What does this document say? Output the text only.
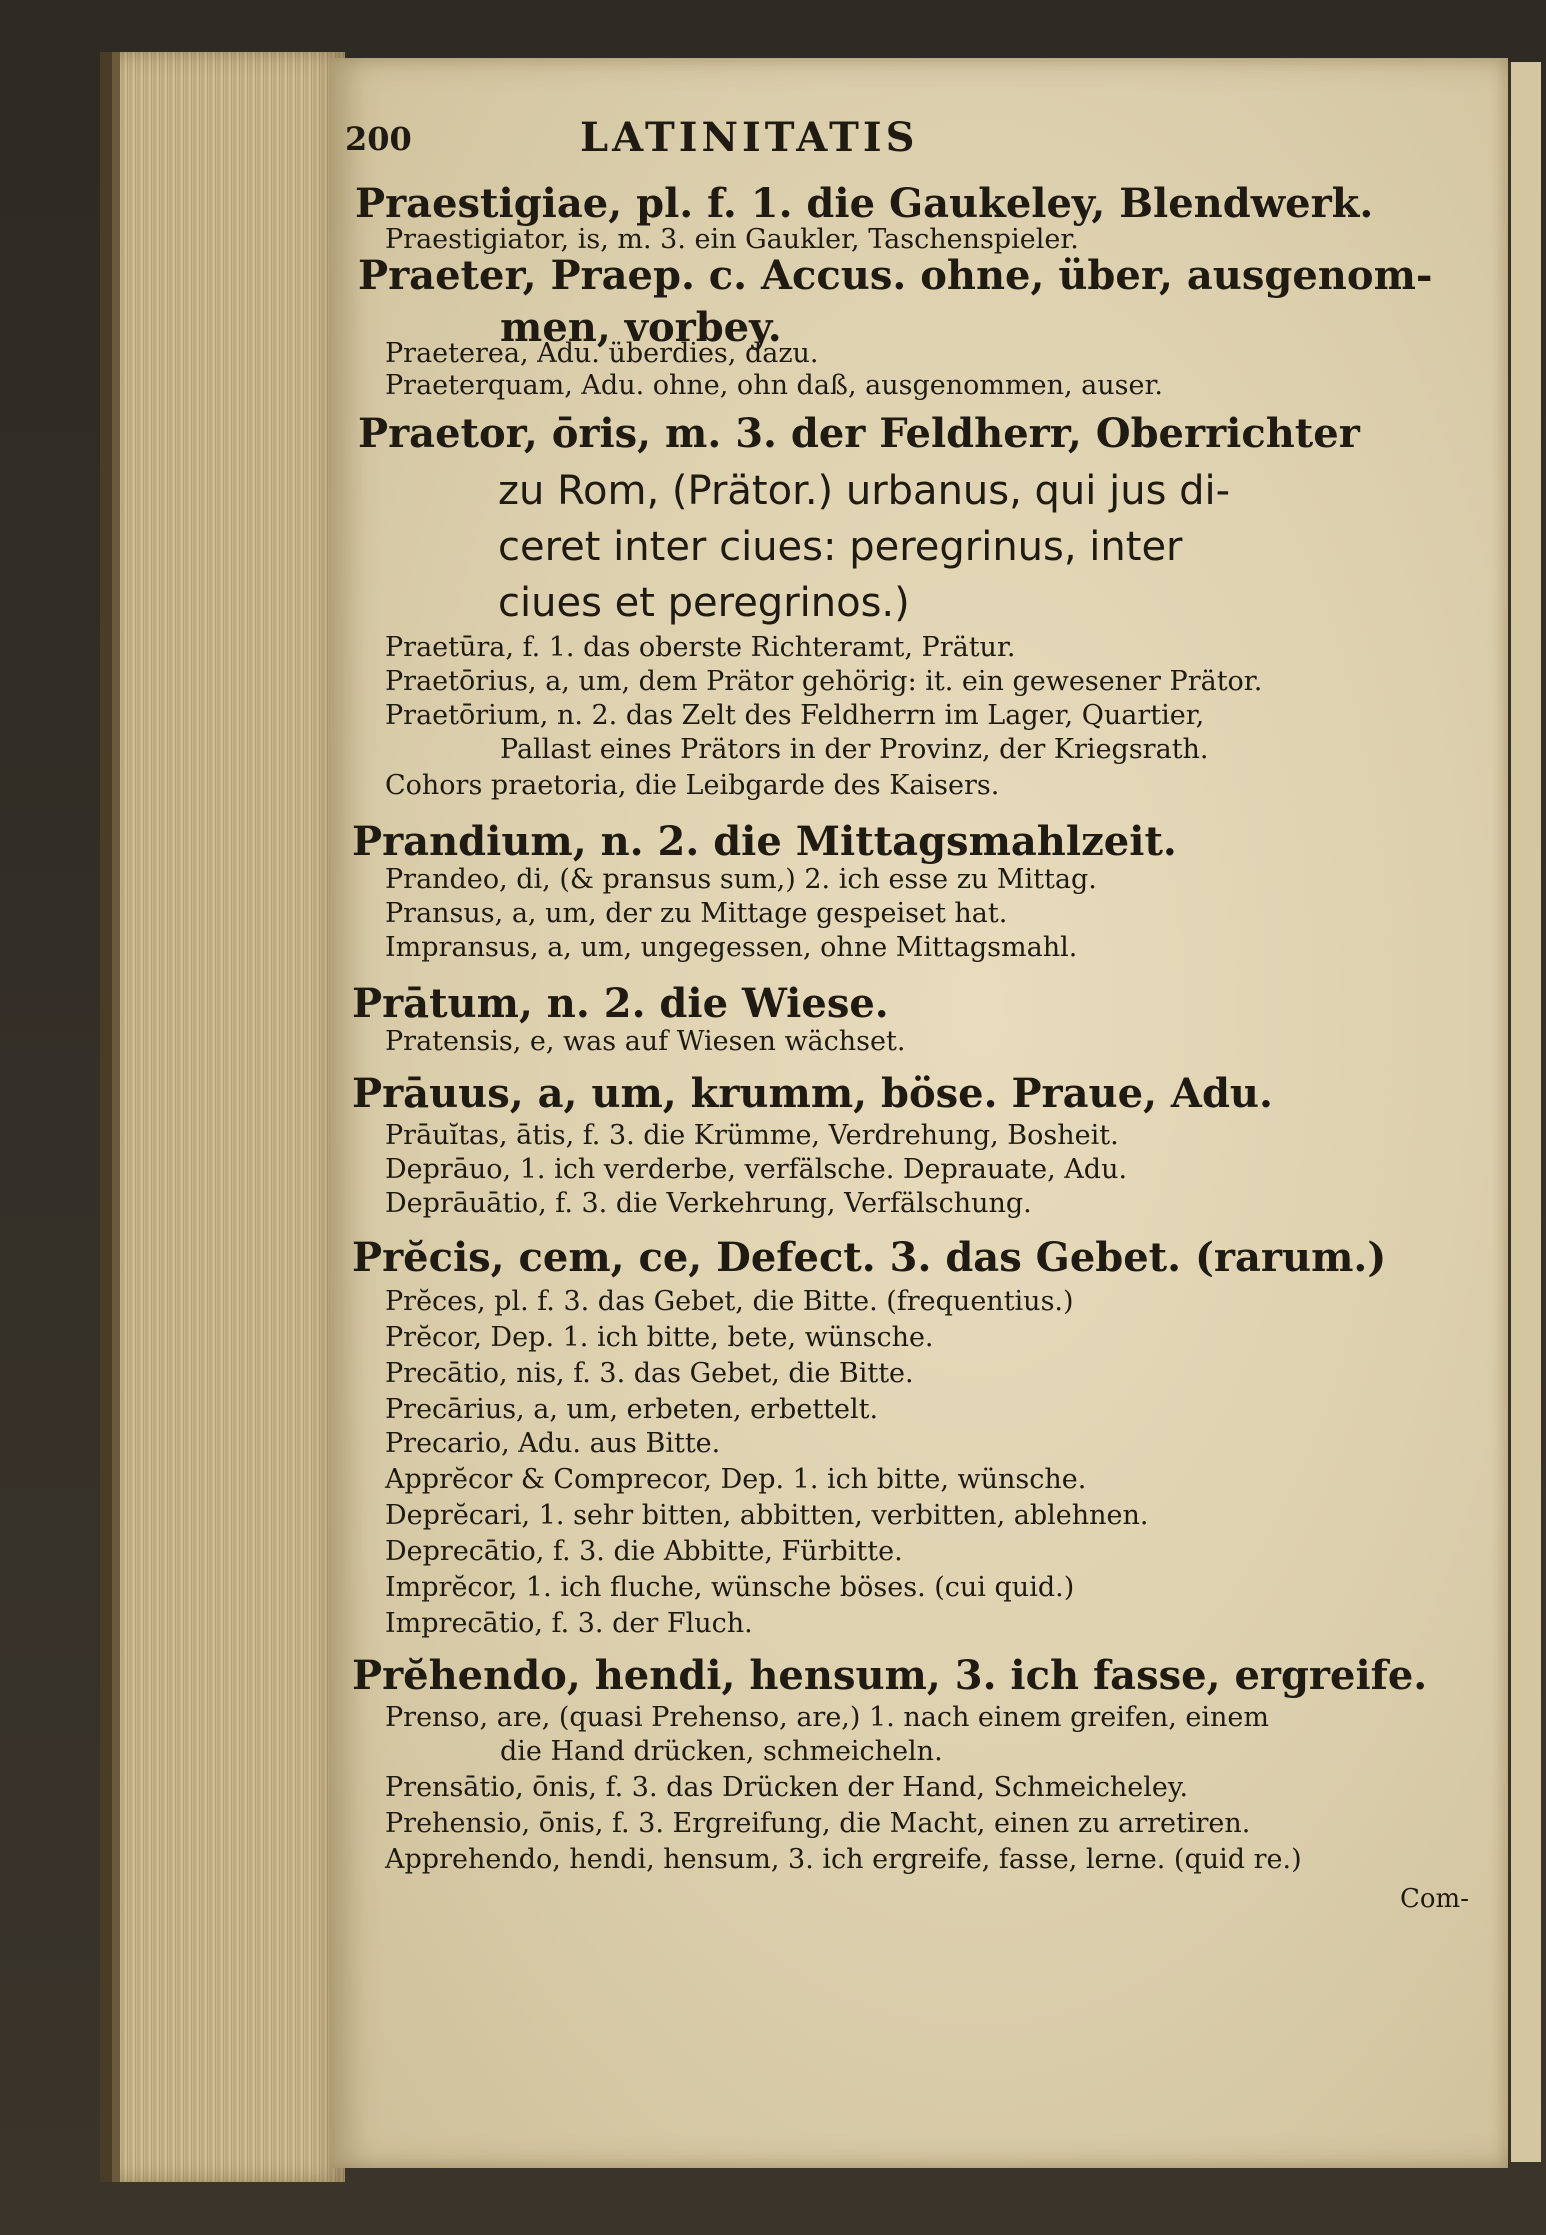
200	LATINITATIS
Praestigiae, pl. f. 1. die Gaukeley, Blendwerk.
Praestigiator, is, m. 3. ein Gaukler, Taschenspieler.
Praeter, Praep. c. Accus. ohne, über, ausgenom-
men, vorbey.
Praeterea, Adu. überdies, dazu.
Praeterquam, Adu. ohne, ohn daß, ausgenommen, auser.
Praetor, ōris, m. 3. der Feldherr, Oberrichter
zu Rom, (Prätor.) urbanus, qui jus di-
ceret inter ciues: peregrinus, inter
ciues et peregrinos.)
Praetūra, f. 1. das oberste Richteramt, Prätur.
Praetōrius, a, um, dem Prätor gehörig: it. ein gewesener Prätor.
Praetōrium, n. 2. das Zelt des Feldherrn im Lager, Quartier,
Pallast eines Prätors in der Provinz, der Kriegsrath.
Cohors praetoria, die Leibgarde des Kaisers.
Prandium, n. 2. die Mittagsmahlzeit.
Prandeo, di, (& pransus sum,) 2. ich esse zu Mittag.
Pransus, a, um, der zu Mittage gespeiset hat.
Impransus, a, um, ungegessen, ohne Mittagsmahl.
Prātum, n. 2. die Wiese.
Pratensis, e, was auf Wiesen wächset.
Prāuus, a, um, krumm, böse. Praue, Adu.
Prāuĭtas, ātis, f. 3. die Krümme, Verdrehung, Bosheit.
Deprāuo, 1. ich verderbe, verfälsche. Deprauate, Adu.
Deprāuātio, f. 3. die Verkehrung, Verfälschung.
Prĕcis, cem, ce, Defect. 3. das Gebet. (rarum.)
Prĕces, pl. f. 3. das Gebet, die Bitte. (frequentius.)
Prĕcor, Dep. 1. ich bitte, bete, wünsche.
Precātio, nis, f. 3. das Gebet, die Bitte.
Precārius, a, um, erbeten, erbettelt.
Precario, Adu. aus Bitte.
Apprĕcor & Comprecor, Dep. 1. ich bitte, wünsche.
Deprĕcari, 1. sehr bitten, abbitten, verbitten, ablehnen.
Deprecātio, f. 3. die Abbitte, Fürbitte.
Imprĕcor, 1. ich fluche, wünsche böses. (cui quid.)
Imprecātio, f. 3. der Fluch.
Prĕhendo, hendi, hensum, 3. ich fasse, ergreife.
Prenso, are, (quasi Prehenso, are,) 1. nach einem greifen, einem
die Hand drücken, schmeicheln.
Prensātio, ōnis, f. 3. das Drücken der Hand, Schmeicheley.
Prehensio, ōnis, f. 3. Ergreifung, die Macht, einen zu arretiren.
Apprehendo, hendi, hensum, 3. ich ergreife, fasse, lerne. (quid re.)
Com-
